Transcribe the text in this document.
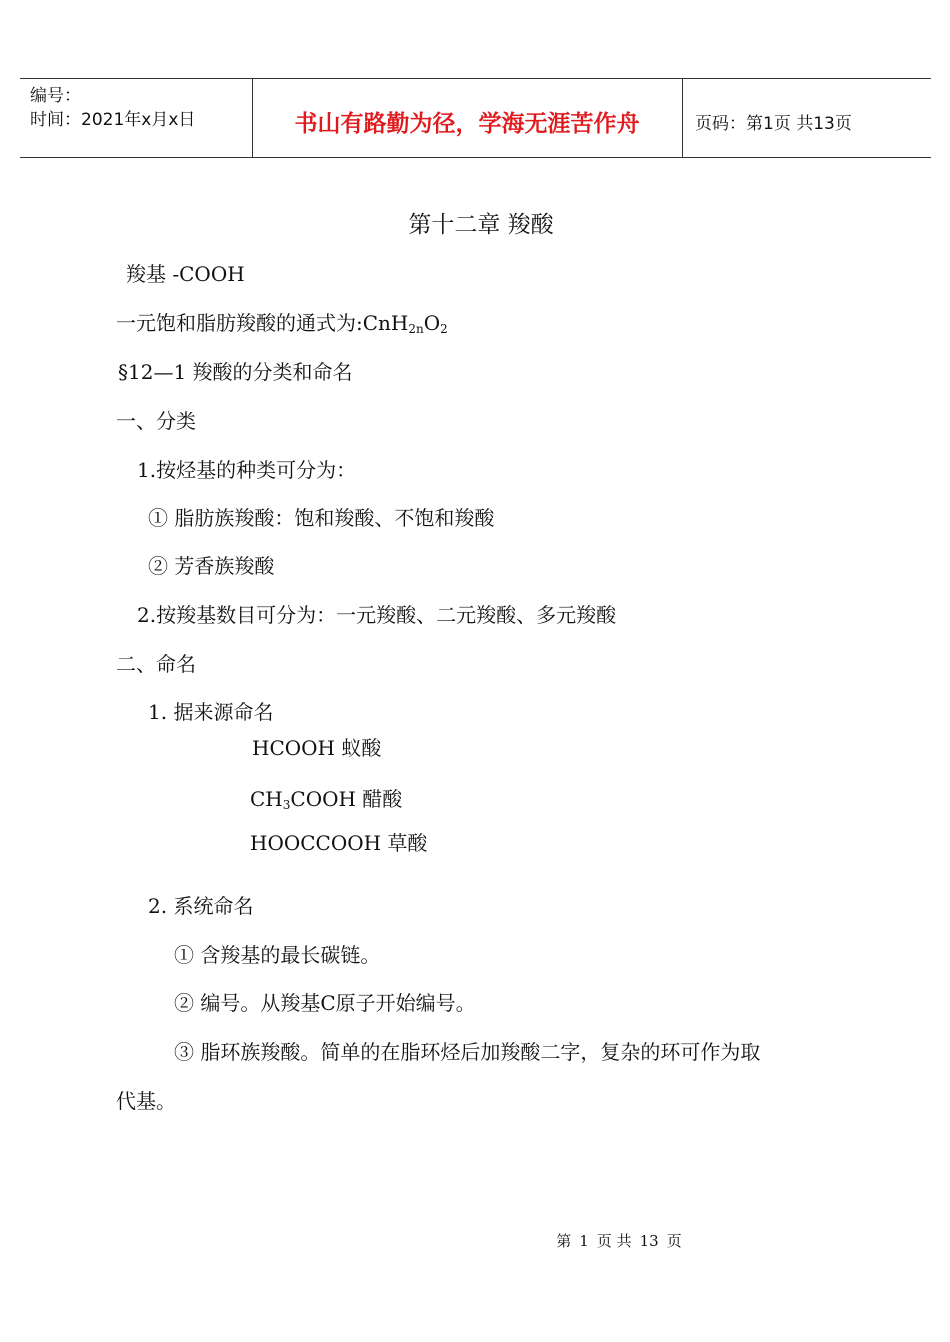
编号：
时间：2021年x月x日	书山有路勤为径，学海无涯苦作舟	页码：第1页 共13页
第十二章 羧酸
羧基 -COOH
一元饱和脂肪羧酸的通式为$:CnH_{2n}O_2$
§12—1 羧酸的分类和命名
一、分类
1.按烃基的种类可分为：
① 脂肪族羧酸：饱和羧酸、不饱和羧酸
② 芳香族羧酸
2.按羧基数目可分为：一元羧酸、二元羧酸、多元羧酸
二、命名
1. 据来源命名
HCOOH 蚁酸
$CH_3COOH$ 醋酸
HOOCCOOH 草酸
2. 系统命名
① 含羧基的最长碳链。
② 编号。从羧基C原子开始编号。
③ 脂环族羧酸。简单的在脂环烃后加羧酸二字，复杂的环可作为取
代基。
第 1 页 共 13 页
